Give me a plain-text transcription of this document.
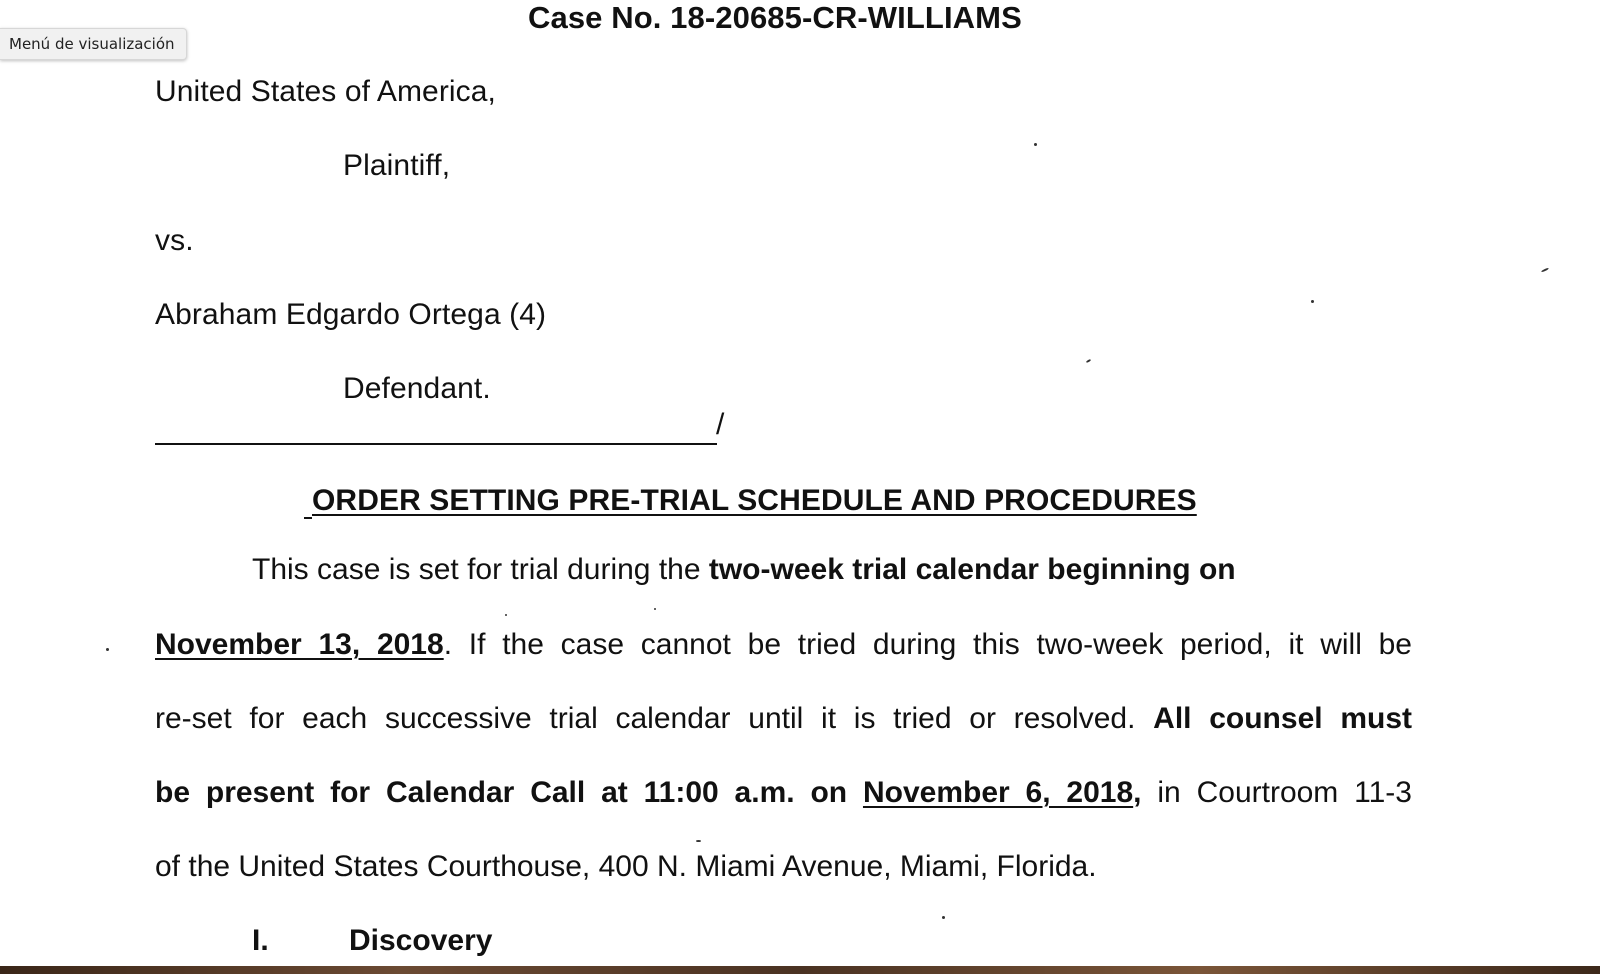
Menú de visualización
Case No. 18-20685-CR-WILLIAMS
United States of America,
Plaintiff,
vs.
Abraham Edgardo Ortega (4)
Defendant.
/
ORDER SETTING PRE-TRIAL SCHEDULE AND PROCEDURES
This case is set for trial during the two-week trial calendar beginning on
November 13, 2018. If the case cannot be tried during this two-week period, it will be
re-set for each successive trial calendar until it is tried or resolved. All counsel must
be present for Calendar Call at 11:00 a.m. on November 6, 2018, in Courtroom 11-3
of the United States Courthouse, 400 N. Miami Avenue, Miami, Florida.
I.	Discovery
